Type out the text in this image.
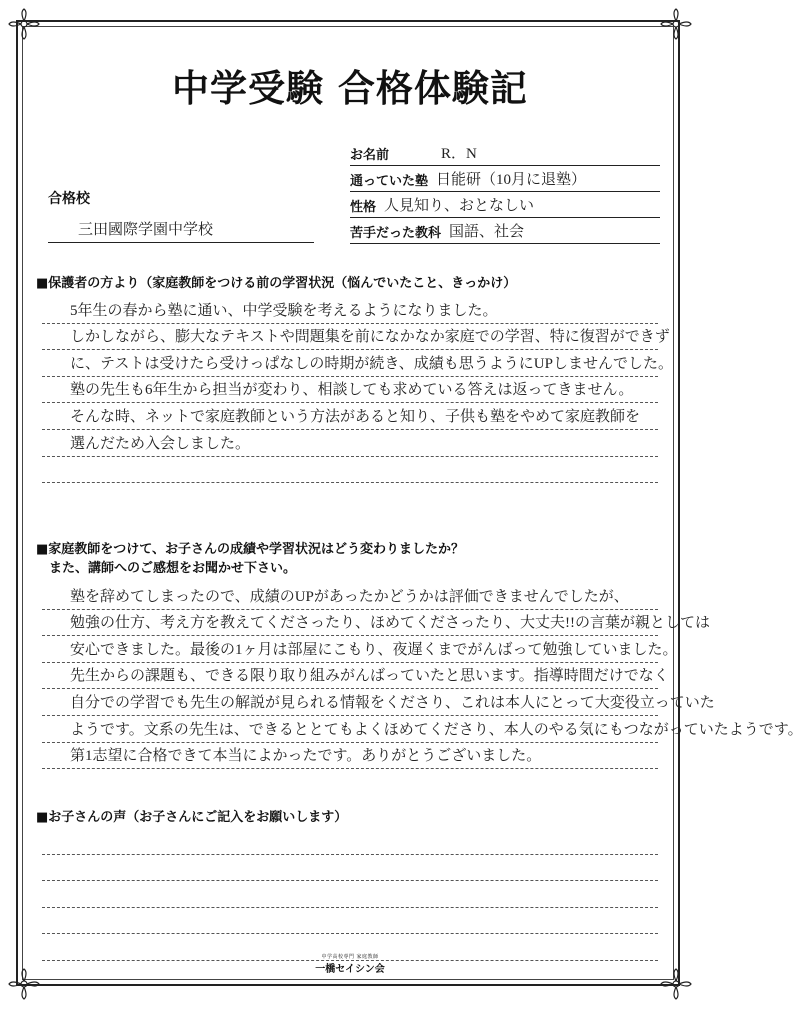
中学受験 合格体験記
お名前	R．N
通っていた塾 日能研（10月に退塾）
性格 人見知り、おとなしい
苦手だった教科 国語、社会
合格校
三田國際学園中学校
■保護者の方より（家庭教師をつける前の学習状況（悩んでいたこと、きっかけ）
5年生の春から塾に通い、中学受験を考えるようになりました。
しかしながら、膨大なテキストや問題集を前になかなか家庭での学習、特に復習ができず
に、テストは受けたら受けっぱなしの時期が続き、成績も思うようにUPしませんでした。
塾の先生も6年生から担当が変わり、相談しても求めている答えは返ってきません。
そんな時、ネットで家庭教師という方法があると知り、子供も塾をやめて家庭教師を
選んだため入会しました。
■家庭教師をつけて、お子さんの成績や学習状況はどう変わりましたか？
　また、講師へのご感想をお聞かせ下さい。
塾を辞めてしまったので、成績のUPがあったかどうかは評価できませんでしたが、
勉強の仕方、考え方を教えてくださったり、ほめてくださったり、大丈夫!!の言葉が親としては
安心できました。最後の1ヶ月は部屋にこもり、夜遅くまでがんばって勉強していました。
先生からの課題も、できる限り取り組みがんばっていたと思います。指導時間だけでなく
自分での学習でも先生の解説が見られる情報をくださり、これは本人にとって大変役立っていた
ようです。文系の先生は、できるととてもよくほめてくださり、本人のやる気にもつながっていたようです。
第1志望に合格できて本当によかったです。ありがとうございました。
■お子さんの声（お子さんにご記入をお願いします）
中学高校専門 家庭教師
一橋セイシン会
